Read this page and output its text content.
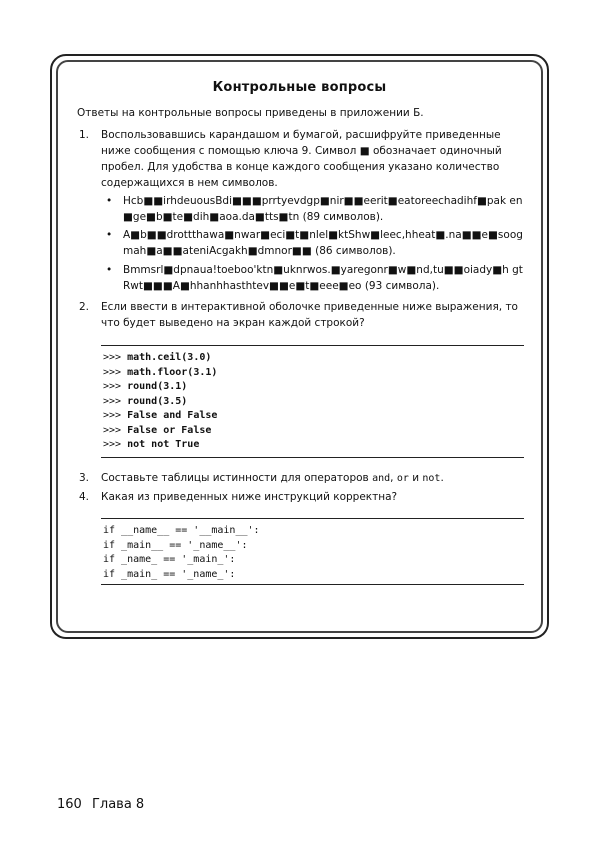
Контрольные вопросы
Ответы на контрольные вопросы приведены в приложении Б.
1. Воспользовавшись карандашом и бумагой, расшифруйте приведенные ниже сообщения с помощью ключа 9. Символ ■ обозначает одиночный пробел. Для удобства в конце каждого сообщения указано количество содержащихся в нем символов.
• Hcb■■irhdeuousBdi■■■prrtyevdgp■nir■■eerit■eatoreechadihf■pak en■ge■b■te■dih■aoa.da■tts■tn (89 символов).
• A■b■■drottthawa■nwar■eci■t■nlel■ktShw■leec,hheat■.na■■e■soog mah■a■■ateniAcgakh■dmnor■■ (86 символов).
• Bmmsrl■dpnaua!toeboo'ktn■uknrwos.■yaregonr■w■nd,tu■■oiady■h gtRwt■■■A■hhanhhasthtev■■e■t■eee■eo (93 символа).
2. Если ввести в интерактивной оболочке приведенные ниже выражения, то что будет выведено на экран каждой строкой?
>>> math.ceil(3.0)
>>> math.floor(3.1)
>>> round(3.1)
>>> round(3.5)
>>> False and False
>>> False or False
>>> not not True
3. Составьте таблицы истинности для операторов and, or и not.
4. Какая из приведенных ниже инструкций корректна?
if __name__ == '__main__':
if _main__ == '_name__':
if _name_ == '_main_':
if _main_ == '_name_':
160 Глава 8
